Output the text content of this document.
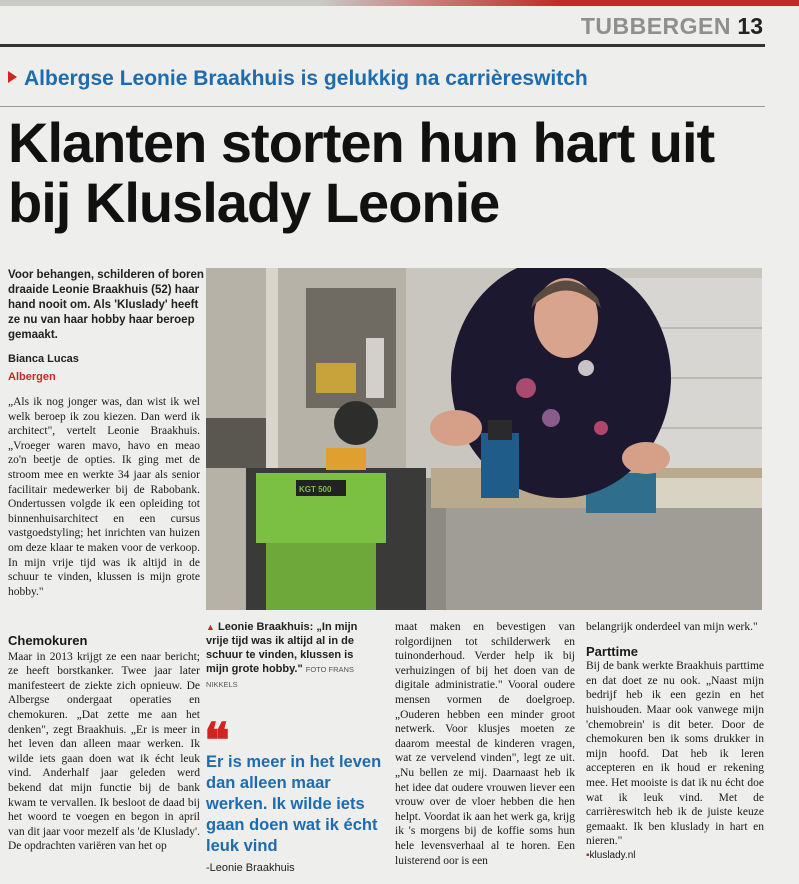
TUBBERGEN 13
Albergse Leonie Braakhuis is gelukkig na carrièreswitch
Klanten storten hun hart uit bij Kluslady Leonie
Voor behangen, schilderen of boren draaide Leonie Braakhuis (52) haar hand nooit om. Als 'Kluslady' heeft ze nu van haar hobby haar beroep gemaakt.
Bianca Lucas
Albergen

„Als ik nog jonger was, dan wist ik wel welk beroep ik zou kiezen. Dan werd ik architect", vertelt Leonie Braakhuis. „Vroeger waren mavo, havo en meao zo'n beetje de opties. Ik ging met de stroom mee en werkte 34 jaar als senior facilitair medewerker bij de Rabobank. Ondertussen volgde ik een opleiding tot binnenhuisarchitect en een cursus vastgoedstyling; het inrichten van huizen om deze klaar te maken voor de verkoop. In mijn vrije tijd was ik altijd in de schuur te vinden, klussen is mijn grote hobby."

KGT 500
▲ Leonie Braakhuis: „In mijn vrije tijd was ik altijd al in de schuur te vinden, klussen is mijn grote hobby." FOTO FRANS NIKKELS
Chemokuren

Maar in 2013 krijgt ze een naar bericht; ze heeft borstkanker. Twee jaar later manifesteert de ziekte zich opnieuw. De Albergse ondergaat operaties en chemokuren. „Dat zette me aan het denken", zegt Braakhuis. „Er is meer in het leven dan alleen maar werken. Ik wilde iets gaan doen wat ik écht leuk vind. Anderhalf jaar geleden werd bekend dat mijn functie bij de bank kwam te vervallen. Ik besloot de daad bij het woord te voegen en begon in april van dit jaar voor mezelf als 'de Kluslady'. De opdrachten variëren van het op

❝
Er is meer in het leven dan alleen maar werken. Ik wilde iets gaan doen wat ik écht leuk vind
-Leonie Braakhuis

maat maken en bevestigen van rolgordijnen tot schilderwerk en tuinonderhoud. Verder help ik bij verhuizingen of bij het doen van de digitale administratie." Vooral oudere mensen vormen de doelgroep. „Ouderen hebben een minder groot netwerk. Voor klusjes moeten ze daarom meestal de kinderen vragen, wat ze vervelend vinden", legt ze uit. „Nu bellen ze mij. Daarnaast heb ik het idee dat oudere vrouwen liever een vrouw over de vloer hebben die hen helpt. Voordat ik aan het werk ga, krijg ik 's morgens bij de koffie soms hun hele levensverhaal al te horen. Een luisterend oor is een

belangrijk onderdeel van mijn werk."

Parttime

Bij de bank werkte Braakhuis parttime en dat doet ze nu ook. „Naast mijn bedrijf heb ik een gezin en het huishouden. Maar ook vanwege mijn 'chemobrein' is dit beter. Door de chemokuren ben ik soms drukker in mijn hoofd. Dat heb ik leren accepteren en ik houd er rekening mee. Het mooiste is dat ik nu écht doe wat ik leuk vind. Met de carrièreswitch heb ik de juiste keuze gemaakt. Ik ben kluslady in hart en nieren."

▪kluslady.nl
